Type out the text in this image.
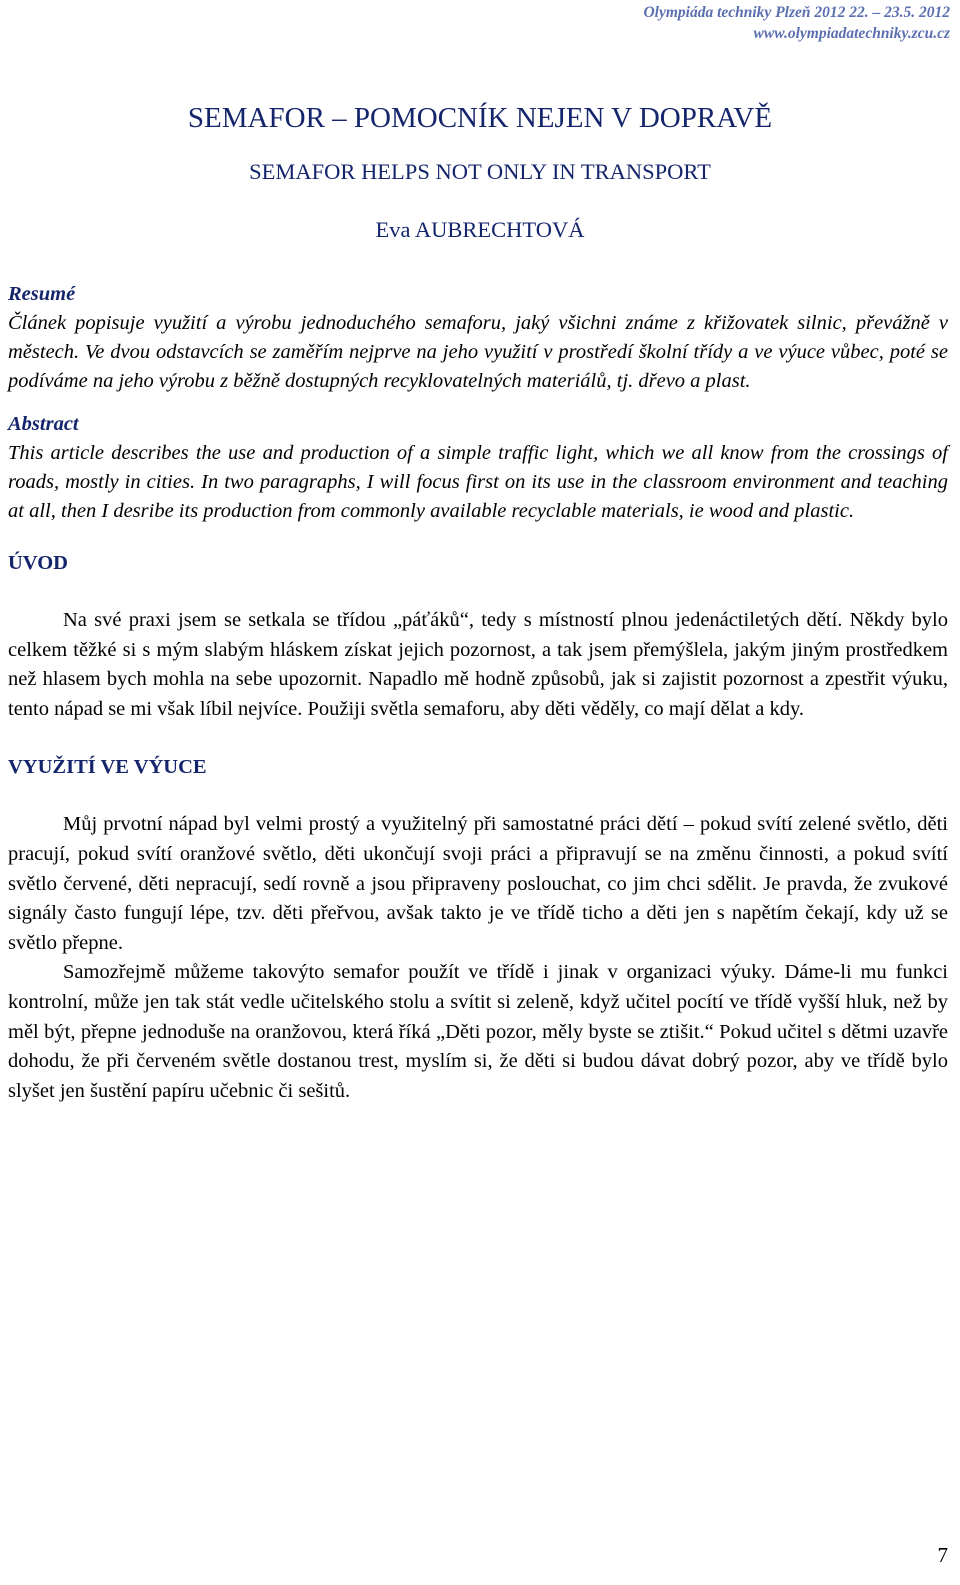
Olympiáda techniky Plzeň 2012 22. – 23.5. 2012
www.olympiadatechniky.zcu.cz
SEMAFOR – POMOCNÍK NEJEN V DOPRAVĚ
SEMAFOR HELPS NOT ONLY IN TRANSPORT
Eva AUBRECHTOVÁ
Resumé
Článek popisuje využití a výrobu jednoduchého semaforu, jaký všichni známe z křižovatek silnic, převážně v městech. Ve dvou odstavcích se zaměřím nejprve na jeho využití v prostředí školní třídy a ve výuce vůbec, poté se podíváme na jeho výrobu z běžně dostupných recyklovatelných materiálů, tj. dřevo a plast.
Abstract
This article describes the use and production of a simple traffic light, which we all know from the crossings of roads, mostly in cities. In two paragraphs, I will focus first on its use in the classroom environment and teaching at all, then I desribe its production from commonly available recyclable materials, ie wood and plastic.
ÚVOD

Na své praxi jsem se setkala se třídou „páťáků“, tedy s místností plnou jedenáctiletých dětí. Někdy bylo celkem těžké si s mým slabým hláskem získat jejich pozornost, a tak jsem přemýšlela, jakým jiným prostředkem než hlasem bych mohla na sebe upozornit. Napadlo mě hodně způsobů, jak si zajistit pozornost a zpestřit výuku, tento nápad se mi však líbil nejvíce. Použiji světla semaforu, aby děti věděly, co mají dělat a kdy.

VYUŽITÍ VE VÝUCE

Můj prvotní nápad byl velmi prostý a využitelný při samostatné práci dětí – pokud svítí zelené světlo, děti pracují, pokud svítí oranžové světlo, děti ukončují svoji práci a připravují se na změnu činnosti, a pokud svítí světlo červené, děti nepracují, sedí rovně a jsou připraveny poslouchat, co jim chci sdělit. Je pravda, že zvukové signály často fungují lépe, tzv. děti přeřvou, avšak takto je ve třídě ticho a děti jen s napětím čekají, kdy už se světlo přepne.

Samozřejmě můžeme takovýto semafor použít ve třídě i jinak v organizaci výuky. Dáme-li mu funkci kontrolní, může jen tak stát vedle učitelského stolu a svítit si zeleně, když učitel pocítí ve třídě vyšší hluk, než by měl být, přepne jednoduše na oranžovou, která říká „Děti pozor, měly byste se ztišit.“ Pokud učitel s dětmi uzavře dohodu, že při červeném světle dostanou trest, myslím si, že děti si budou dávat dobrý pozor, aby ve třídě bylo slyšet jen šustění papíru učebnic či sešitů.

7
